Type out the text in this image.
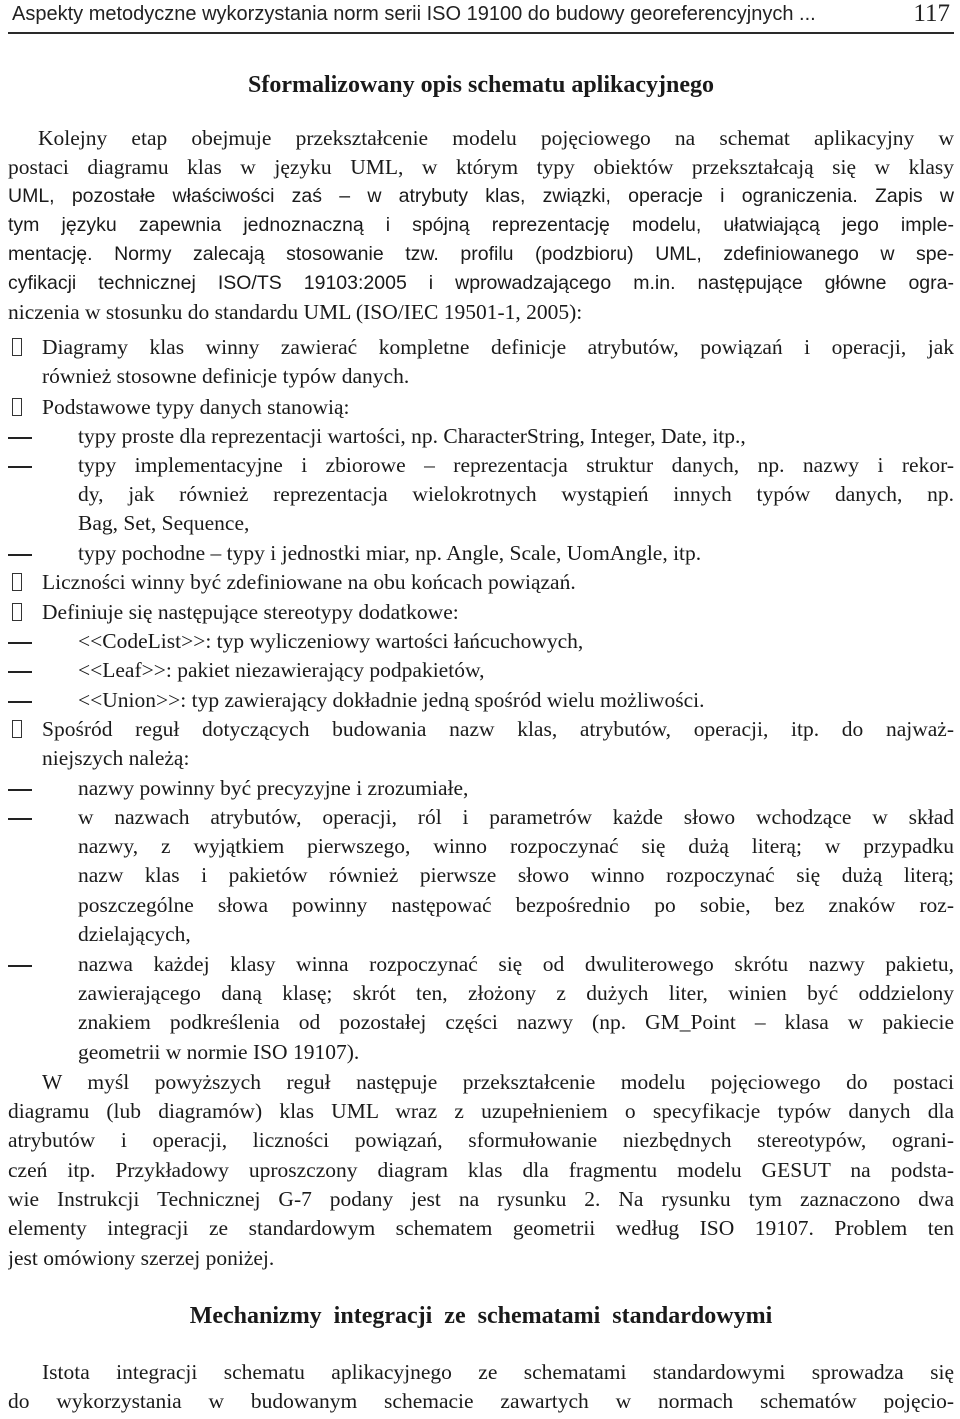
Aspekty metodyczne wykorzystania norm serii ISO 19100 do budowy georeferencyjnych ...	117
Sformalizowany opis schematu aplikacyjnego
Kolejny etap obejmuje przekształcenie modelu pojęciowego na schemat aplikacyjny w
postaci diagramu klas w języku UML, w którym typy obiektów przekształcają się w klasy
UML, pozostałe właściwości zaś – w atrybuty klas, związki, operacje i ograniczenia. Zapis w
tym języku zapewnia jednoznaczną i spójną reprezentację modelu, ułatwiającą jego imple-
mentację. Normy zalecają stosowanie tzw. profilu (podzbioru) UML, zdefiniowanego w spe-
cyfikacji technicznej ISO/TS 19103:2005 i wprowadzającego m.in. następujące główne ogra-
niczenia w stosunku do standardu UML (ISO/IEC 19501-1, 2005):
Diagramy klas winny zawierać kompletne definicje atrybutów, powiązań i operacji, jak
również stosowne definicje typów danych.
Podstawowe typy danych stanowią:
typy proste dla reprezentacji wartości, np. CharacterString, Integer, Date, itp.,
typy implementacyjne i zbiorowe – reprezentacja struktur danych, np. nazwy i rekor-
dy, jak również reprezentacja wielokrotnych wystąpień innych typów danych, np.
Bag, Set, Sequence,
typy pochodne – typy i jednostki miar, np. Angle, Scale, UomAngle, itp.
Liczności winny być zdefiniowane na obu końcach powiązań.
Definiuje się następujące stereotypy dodatkowe:
<<CodeList>>: typ wyliczeniowy wartości łańcuchowych,
<<Leaf>>: pakiet niezawierający podpakietów,
<<Union>>: typ zawierający dokładnie jedną spośród wielu możliwości.
Spośród reguł dotyczących budowania nazw klas, atrybutów, operacji, itp. do najważ-
niejszych należą:
nazwy powinny być precyzyjne i zrozumiałe,
w nazwach atrybutów, operacji, ról i parametrów każde słowo wchodzące w skład
nazwy, z wyjątkiem pierwszego, winno rozpoczynać się dużą literą; w przypadku
nazw klas i pakietów również pierwsze słowo winno rozpoczynać się dużą literą;
poszczególne słowa powinny następować bezpośrednio po sobie, bez znaków roz-
dzielających,
nazwa każdej klasy winna rozpoczynać się od dwuliterowego skrótu nazwy pakietu,
zawierającego daną klasę; skrót ten, złożony z dużych liter, winien być oddzielony
znakiem podkreślenia od pozostałej części nazwy (np. GM_Point – klasa w pakiecie
geometrii w normie ISO 19107).
W myśl powyższych reguł następuje przekształcenie modelu pojęciowego do postaci
diagramu (lub diagramów) klas UML wraz z uzupełnieniem o specyfikacje typów danych dla
atrybutów i operacji, liczności powiązań, sformułowanie niezbędnych stereotypów, ograni-
czeń itp. Przykładowy uproszczony diagram klas dla fragmentu modelu GESUT na podsta-
wie Instrukcji Technicznej G-7 podany jest na rysunku 2. Na rysunku tym zaznaczono dwa
elementy integracji ze standardowym schematem geometrii według ISO 19107. Problem ten
jest omówiony szerzej poniżej.
Mechanizmy  integracji  ze  schematami  standardowymi
Istota integracji schematu aplikacyjnego ze schematami standardowymi sprowadza się
do wykorzystania w budowanym schemacie zawartych w normach schematów pojęcio-
